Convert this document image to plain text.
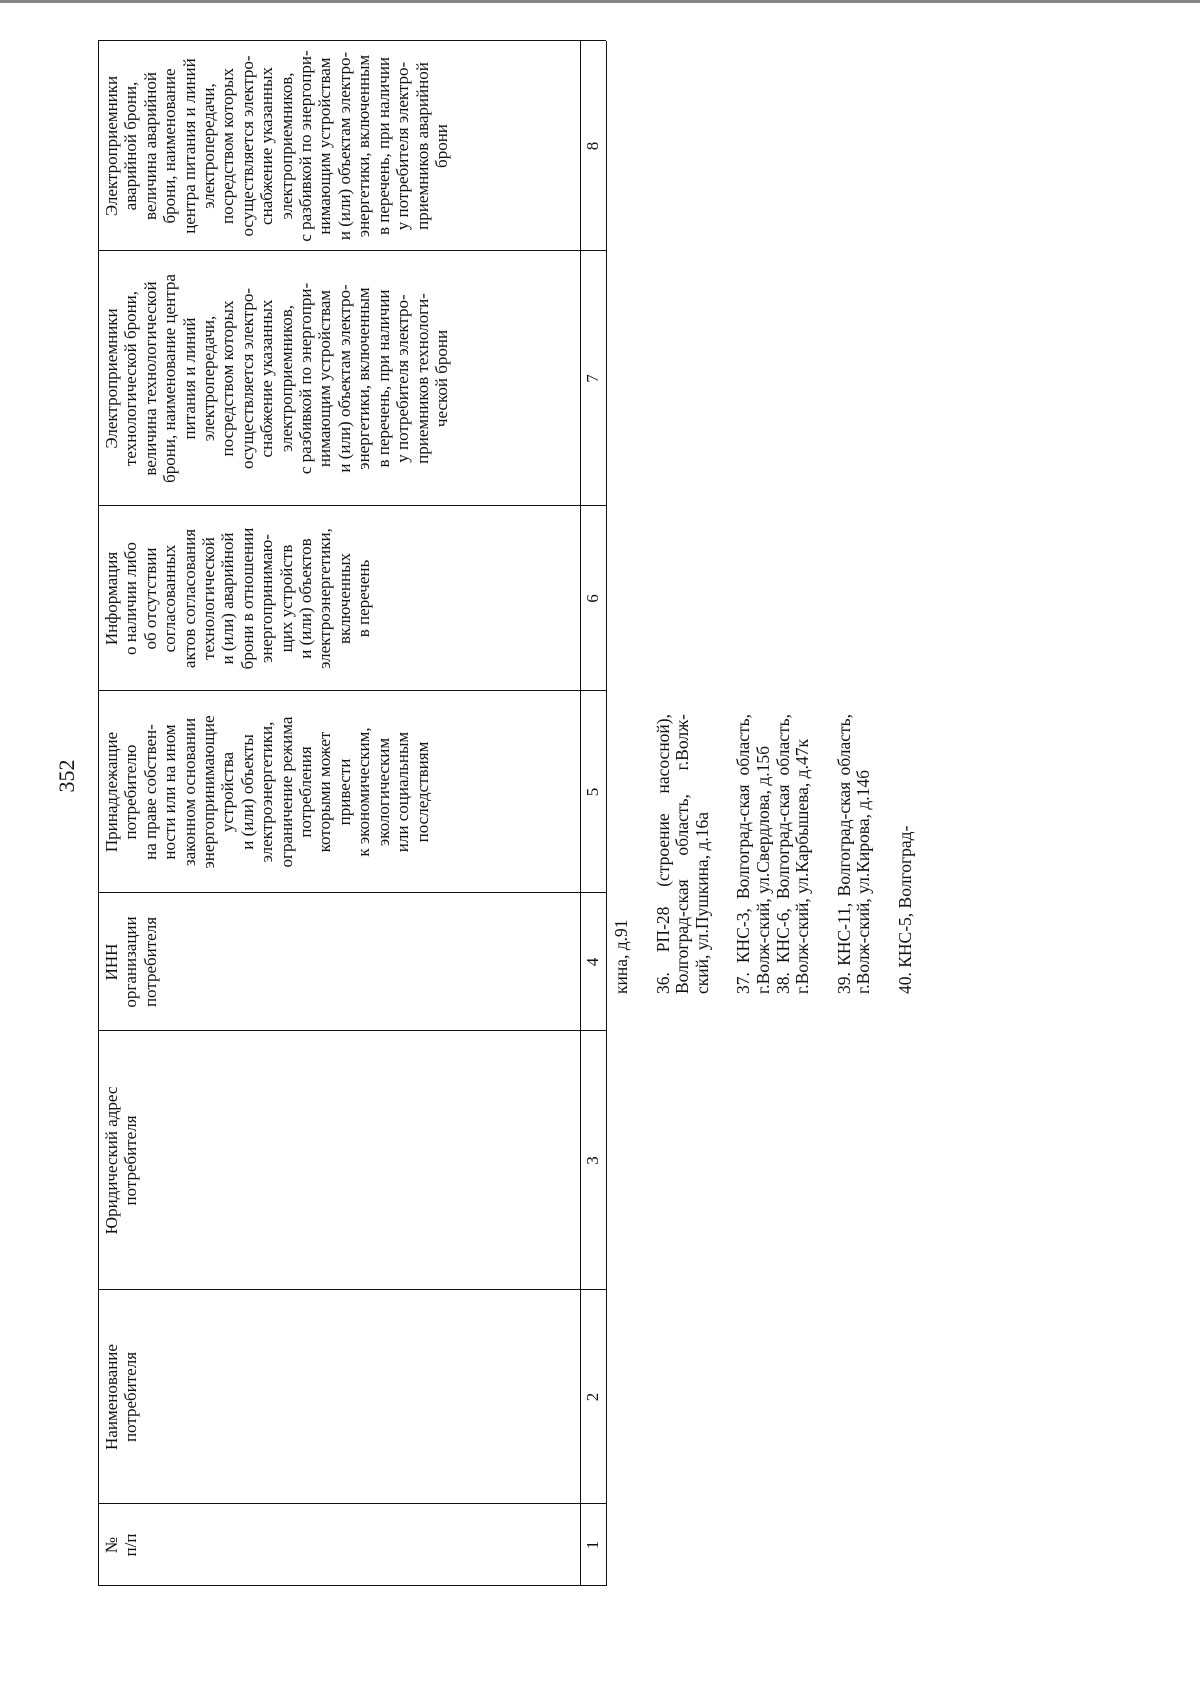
352
№
п/п
Наименование
потребителя
Юридический адрес
потребителя
ИНН
организации
потребителя
Принадлежащие
потребителю
на праве собствен-
ности или на ином
законном основании
энергопринимающие
устройства
и (или) объекты
электроэнергетики,
ограничение режима
потребления
которыми может
привести
к экономическим,
экологическим
или социальным
последствиям
Информация
о наличии либо
об отсутствии
согласованных
актов согласования
технологической
и (или) аварийной
брони в отношении
энергопринимаю-
щих устройств
и (или) объектов
электроэнергетики,
включенных
в перечень
Электроприемники
технологической брони,
величина технологической
брони, наименование центра
питания и линий
электропередачи,
посредством которых
осуществляется электро-
снабжение указанных
электроприемников,
с разбивкой по энергопри-
нимающим устройствам
и (или) объектам электро-
энергетики, включенным
в перечень, при наличии
у потребителя электро-
приемников технологи-
ческой брони
Электроприемники
аварийной брони,
величина аварийной
брони, наименование
центра питания и линий
электропередачи,
посредством которых
осуществляется электро-
снабжение указанных
электроприемников,
с разбивкой по энергопри-
нимающим устройствам
и (или) объектам электро-
энергетики, включенным
в перечень, при наличии
у потребителя электро-
приемников аварийной
брони
1
2
3
4
5
6
7
8

кина, д.91 36. РП-28 (строение насосной), Волгоград-ская область, г.Волж-ский, ул.Пушкина, д.16а 37. КНС-3, Волгоград-ская область, г.Волж-ский, ул.Свердлова, д.15б 38. КНС-6, Волгоград-ская область, г.Волж-ский, ул.Карбышева, д.47к 39. КНС-11, Волгоград-ская область, г.Волж-ский, ул.Кирова, д.14б 40. КНС-5, Волгоград-
